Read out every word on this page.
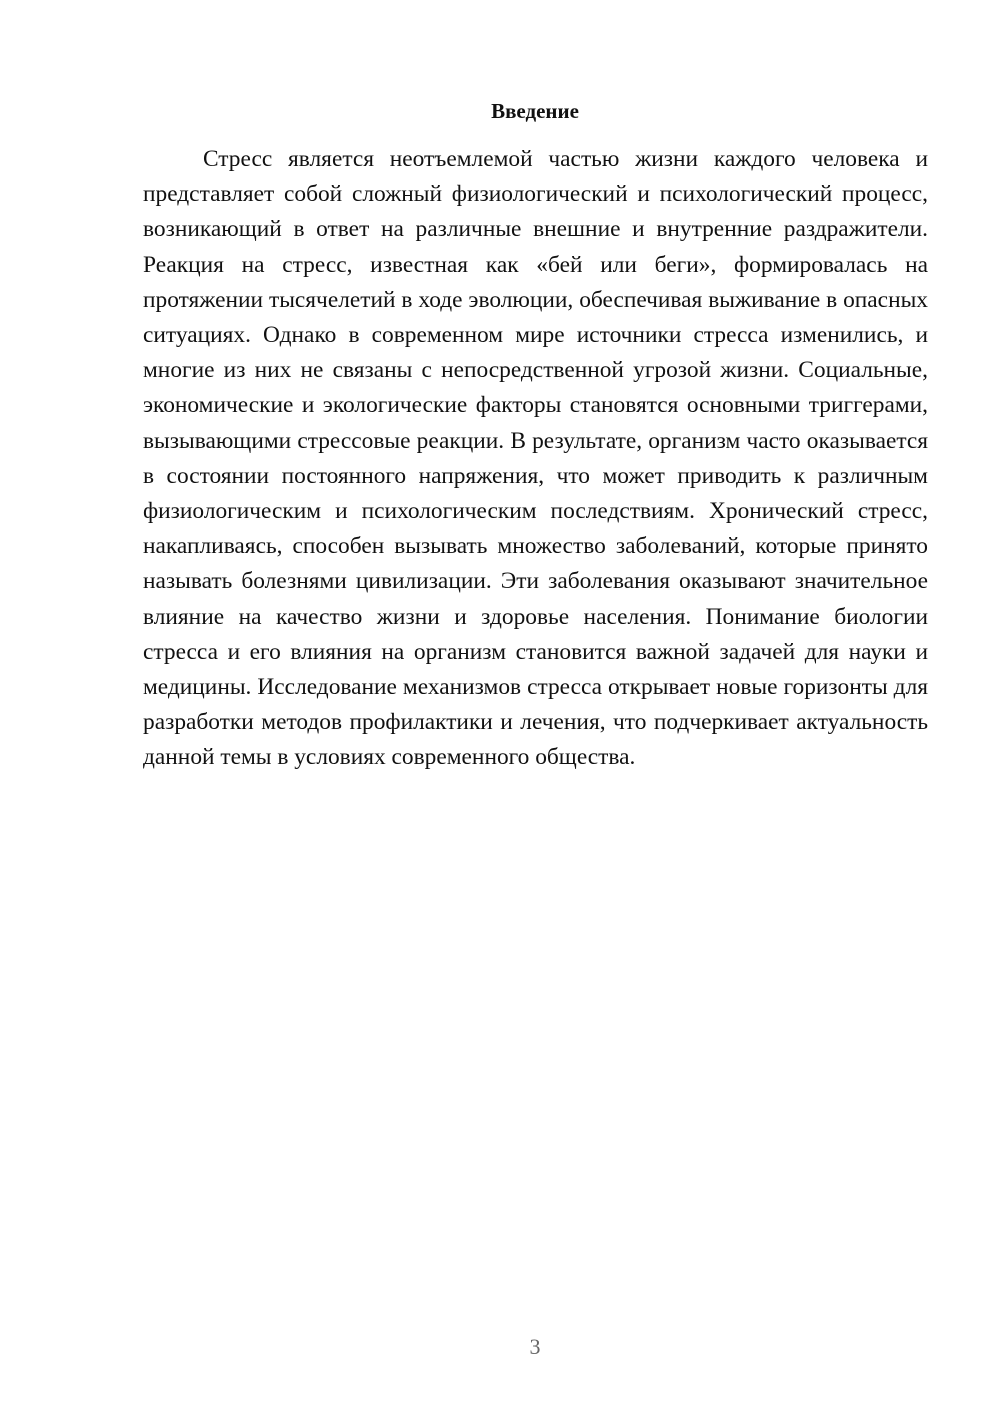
Введение

Стресс является неотъемлемой частью жизни каждого человека и представляет собой сложный физиологический и психологический процесс, возникающий в ответ на различные внешние и внутренние раздражители. Реакция на стресс, известная как «бей или беги», формировалась на протяжении тысячелетий в ходе эволюции, обеспечивая выживание в опасных ситуациях. Однако в современном мире источники стресса изменились, и многие из них не связаны с непосредственной угрозой жизни. Социальные, экономические и экологические факторы становятся основными триггерами, вызывающими стрессовые реакции. В результате, организм часто оказывается в состоянии постоянного напряжения, что может приводить к различным физиологическим и психологическим последствиям. Хронический стресс, накапливаясь, способен вызывать множество заболеваний, которые принято называть болезнями цивилизации. Эти заболевания оказывают значительное влияние на качество жизни и здоровье населения. Понимание биологии стресса и его влияния на организм становится важной задачей для науки и медицины. Исследование механизмов стресса открывает новые горизонты для разработки методов профилактики и лечения, что подчеркивает актуальность данной темы в условиях современного общества.

3
